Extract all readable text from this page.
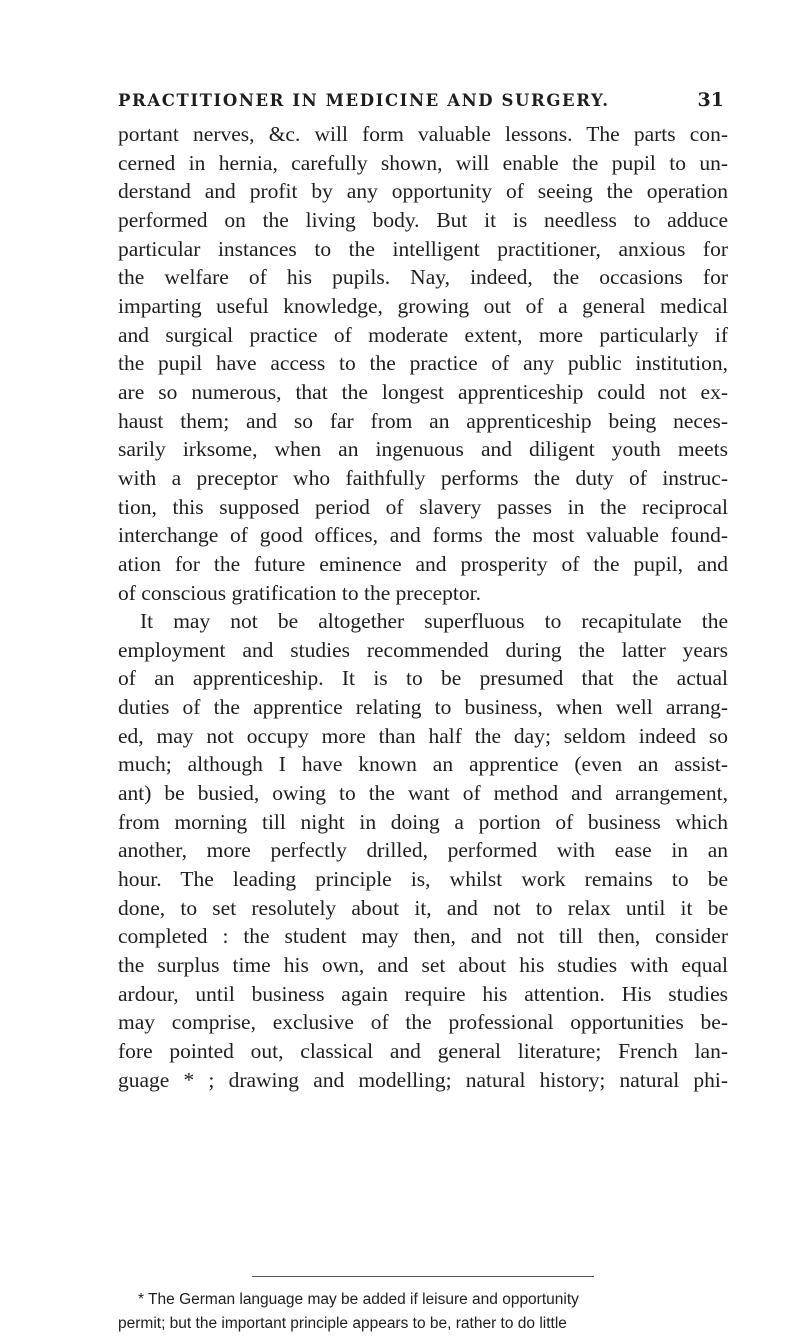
PRACTITIONER IN MEDICINE AND SURGERY.	31
portant nerves, &c. will form valuable lessons. The parts con-
cerned in hernia, carefully shown, will enable the pupil to un-
derstand and profit by any opportunity of seeing the operation
performed on the living body. But it is needless to adduce
particular instances to the intelligent practitioner, anxious for
the welfare of his pupils. Nay, indeed, the occasions for
imparting useful knowledge, growing out of a general medical
and surgical practice of moderate extent, more particularly if
the pupil have access to the practice of any public institution,
are so numerous, that the longest apprenticeship could not ex-
haust them; and so far from an apprenticeship being neces-
sarily irksome, when an ingenuous and diligent youth meets
with a preceptor who faithfully performs the duty of instruc-
tion, this supposed period of slavery passes in the reciprocal
interchange of good offices, and forms the most valuable found-
ation for the future eminence and prosperity of the pupil, and
of conscious gratification to the preceptor.
It may not be altogether superfluous to recapitulate the
employment and studies recommended during the latter years
of an apprenticeship. It is to be presumed that the actual
duties of the apprentice relating to business, when well arrang-
ed, may not occupy more than half the day; seldom indeed so
much; although I have known an apprentice (even an assist-
ant) be busied, owing to the want of method and arrangement,
from morning till night in doing a portion of business which
another, more perfectly drilled, performed with ease in an
hour. The leading principle is, whilst work remains to be
done, to set resolutely about it, and not to relax until it be
completed : the student may then, and not till then, consider
the surplus time his own, and set about his studies with equal
ardour, until business again require his attention. His studies
may comprise, exclusive of the professional opportunities be-
fore pointed out, classical and general literature; French lan-
guage * ; drawing and modelling; natural history; natural phi-
* The German language may be added if leisure and opportunity
permit; but the important principle appears to be, rather to do little
